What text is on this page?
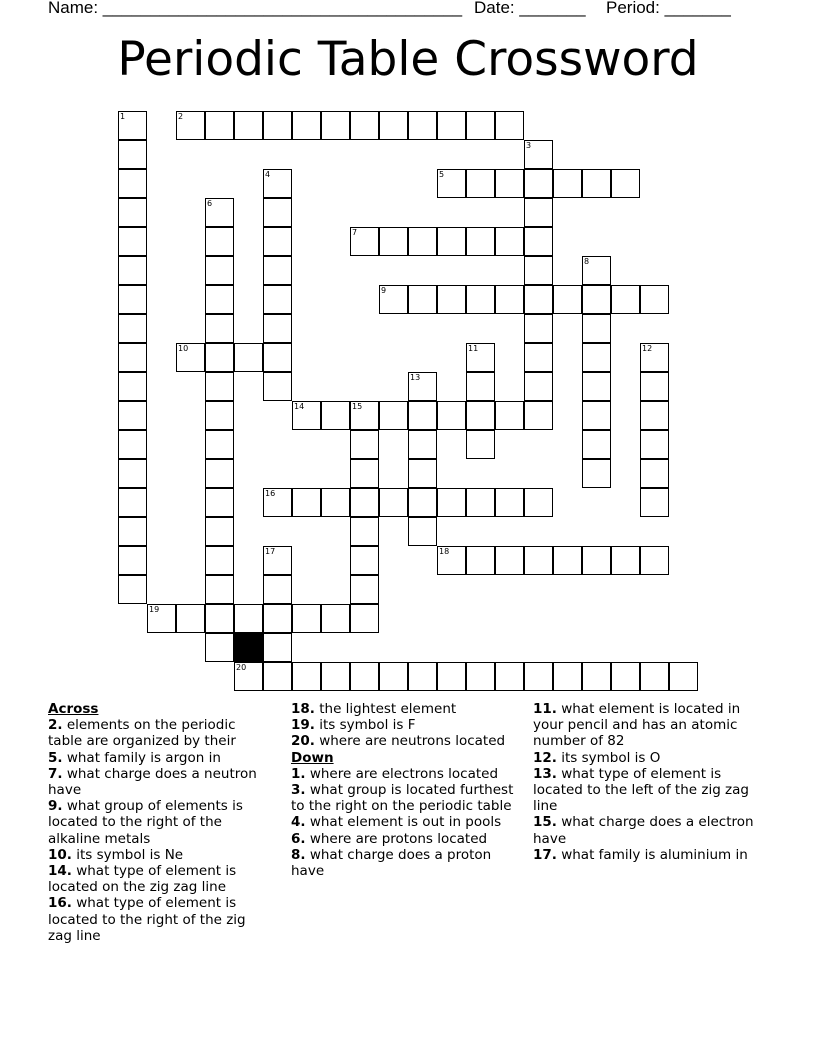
Name: ______________________________________ Date: _______ Period: _______
Periodic Table Crossword
1	2
3
4	5
6
7
8
9
10	11	12
13
14	15
16
17	18
19
20
Across
2. elements on the periodic table are organized by their
5. what family is argon in
7. what charge does a neutron have
9. what group of elements is located to the right of the alkaline metals
10. its symbol is Ne
14. what type of element is located on the zig zag line
16. what type of element is located to the right of the zig zag line
18. the lightest element
19. its symbol is F
20. where are neutrons located
Down
1. where are electrons located
3. what group is located furthest to the right on the periodic table
4. what element is out in pools
6. where are protons located
8. what charge does a proton have
11. what element is located in your pencil and has an atomic number of 82
12. its symbol is O
13. what type of element is located to the left of the zig zag line
15. what charge does a electron have
17. what family is aluminium in
